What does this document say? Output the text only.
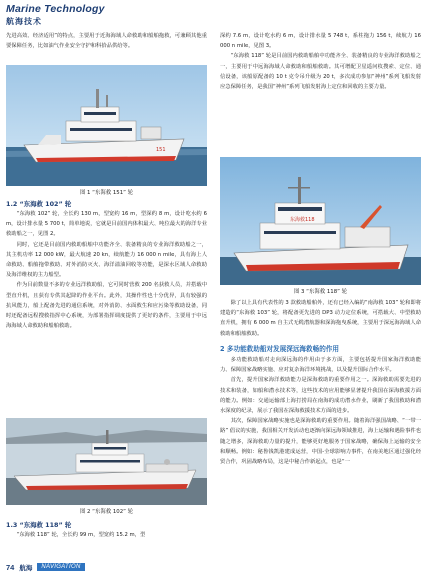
Marine Technology
航海技术

先进高效、经济适用”的特点，主要用于近海海域人命救助和船舶拖救，可兼顾其他重要保障任务，比如油气作业安全守护和科拾品供给等。

151
图 1 “东海救 151” 轮
1.2 “东海救 102” 轮

“东海救 102” 轮，全长约 130 m，型宽约 16 m，型深约 8 m，设计吃水约 6 m，设计排水量 5 700 t，简单地说，它就是目前国内体积最大、吨位最大的海洋专业救助船之一，见图 2。

同时，它还是目前国内救助船舶中功能齐全、装备精良的专业海洋救助船之一，其主机功率 12 000 kW，最大航速 20 kn，续航能力 16 000 n mile，具有海上人命救助、船舶拖带救助、对外消防灭火、海洋溢油回收等功能，是深水区域人命救助及海洋维权的主力船型。

作为目前数量不多的专业远洋救助船，它可同时营救 200 名获救人员，并搭载中型直升机，且获有专供其起降的作业平台。此外，其操作性也十分优异，具有较强的抗风能力，船上配备先进的通信系统，对外消防、水面救生和应污染等救助设备，同时还配备远程搜救指挥中心系统，为部署指挥调度提供了更好的条件，主要用于中远海海域人命救助和船舶救助。

图 2 “东海救 102” 轮
1.3 “东海救 118” 轮

“东海救 118” 轮，全长约 99 m，型宽约 15.2 m，型

深约 7.6 m，设计吃水约 6 m，设计排水量 5 748 t，系柱拖力 156 t，续航力 16 000 n mile，见图 3。

“东海救 118” 轮是目前国内救助船舶中功能齐全、装备精良的专业海洋救助船之一，主要用于中远海海域人命救助和船舶救助。其可增配卫星遥问枚搜索、定位、通信设备，该船原配备的 10 t 克令吊升级为 20 t，多次成功参加“神州”系列飞船发射应急保障任务，是我国“神州”系列飞船发射海上定位和回收的主要力量。

东海救118
图 3 “东海救 118” 轮

除了以上具有代表性的 3 款救助船舶外，还有已经入编的“南海救 103” 轮和即将建造的“东海救 103” 轮，将配备更先进的 DP3 动力定位系统，可搭载大、中型救助直升机，拥有 6 000 m 自主式无缆潜航器和深海拖曳系统，主要用于深远海海域人命救助和船舶救助。

2 多功能救助船对发展深远海救畅的作用

多功能救助船对走向深远海的作用由于多方面，主要包括提升国家海洋救助能力、保障国家战略实施、应对复杂海洋环境挑战，以及提升国际合作水平。

首先，提升国家海洋救助能力是深海救助的重要作用之一。深海救助需要先进的技术和装备，如船和潜水技术等，这些技术的应用能够显著提升我国在深海救援方面的能力。例如：交通运输部上海打捞局在南海的成功潜水作业，刷新了我国救助和潜水深度的纪录，展示了我国在深海救援技术方面的进步。

其次，保障国家战略实施也是深海救助的重要作用。随着海洋强国战略、“一带一路” 倡议的实施，我国相关开发活动也逐渐向深远海领域推进，海上运输和遇险事件也随之增多，深海救助力量的提升，能够更好地服务于国家战略，确保海上运输的安全和顺畅。例如：秘鲁钱凯港建成运营，中国-全球影响力事件，在南美地区通过强化经贸合作，巩固战略布局，这是中秘合作新起点，也是“一

74 航海	NAVIGATION
